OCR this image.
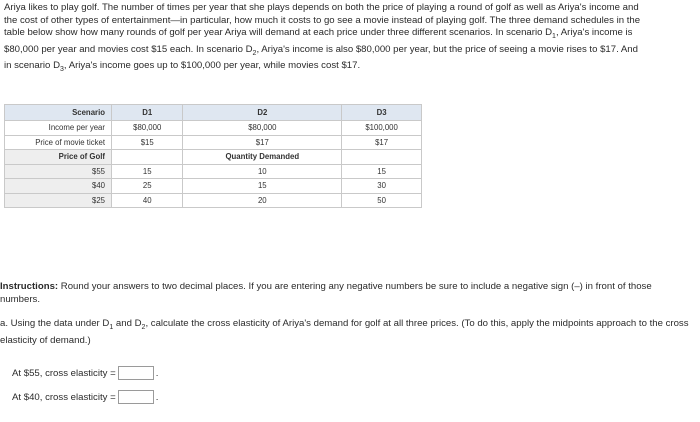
Ariya likes to play golf. The number of times per year that she plays depends on both the price of playing a round of golf as well as Ariya's income and the cost of other types of entertainment—in particular, how much it costs to go see a movie instead of playing golf. The three demand schedules in the table below show how many rounds of golf per year Ariya will demand at each price under three different scenarios. In scenario $D_1$, Ariya's income is $80,000 per year and movies cost $15 each. In scenario $D_2$, Ariya's income is also $80,000 per year, but the price of seeing a movie rises to $17. And in scenario $D_3$, Ariya's income goes up to $100,000 per year, while movies cost $17.

Scenario	D1	D2	D3
Income per year	$80,000	$80,000	$100,000
Price of movie ticket	$15	$17	$17
Price of Golf		Quantity Demanded	
$55	15	10	15
$40	25	15	30
$25	40	20	50
Instructions: Round your answers to two decimal places. If you are entering any negative numbers be sure to include a negative sign (–) in front of those numbers.
a. Using the data under $D_1$ and $D_2$, calculate the cross elasticity of Ariya's demand for golf at all three prices. (To do this, apply the midpoints approach to the cross elasticity of demand.)
At $55, cross elasticity =	.
At $40, cross elasticity =	.
